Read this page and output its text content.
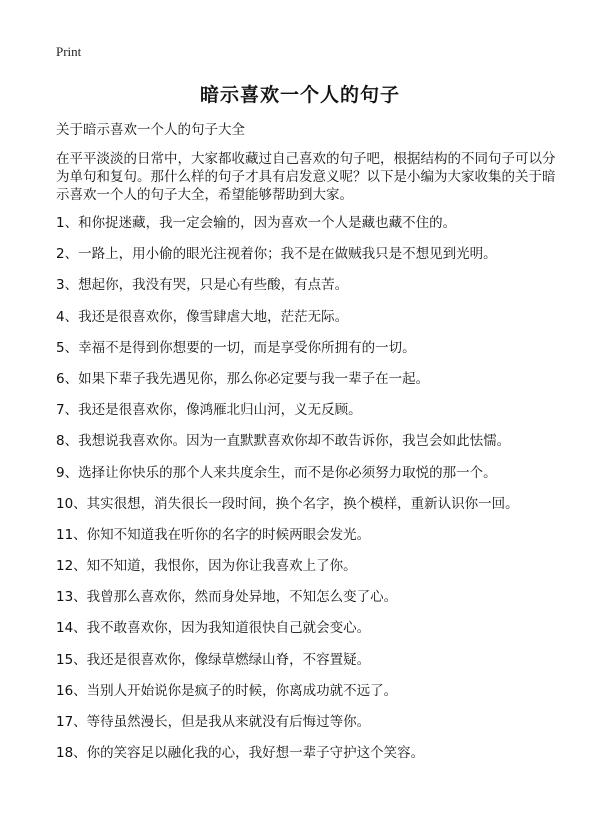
Print
暗示喜欢一个人的句子

关于暗示喜欢一个人的句子大全

在平平淡淡的日常中，大家都收藏过自己喜欢的句子吧，根据结构的不同句子可以分为单句和复句。那什么样的句子才具有启发意义呢？以下是小编为大家收集的关于暗示喜欢一个人的句子大全，希望能够帮助到大家。

1、和你捉迷藏，我一定会输的，因为喜欢一个人是藏也藏不住的。
2、一路上，用小偷的眼光注视着你；我不是在做贼我只是不想见到光明。
3、想起你，我没有哭，只是心有些酸，有点苦。
4、我还是很喜欢你，像雪肆虐大地，茫茫无际。
5、幸福不是得到你想要的一切，而是享受你所拥有的一切。
6、如果下辈子我先遇见你，那么你必定要与我一辈子在一起。
7、我还是很喜欢你，像鸿雁北归山河，义无反顾。
8、我想说我喜欢你。因为一直默默喜欢你却不敢告诉你，我岂会如此怯懦。
9、选择让你快乐的那个人来共度余生，而不是你必须努力取悦的那一个。
10、其实很想，消失很长一段时间，换个名字，换个模样，重新认识你一回。
11、你知不知道我在听你的名字的时候两眼会发光。
12、知不知道，我恨你，因为你让我喜欢上了你。
13、我曾那么喜欢你，然而身处异地，不知怎么变了心。
14、我不敢喜欢你，因为我知道很快自己就会变心。
15、我还是很喜欢你，像绿草燃绿山脊，不容置疑。
16、当别人开始说你是疯子的时候，你离成功就不远了。
17、等待虽然漫长，但是我从来就没有后悔过等你。
18、你的笑容足以融化我的心，我好想一辈子守护这个笑容。
